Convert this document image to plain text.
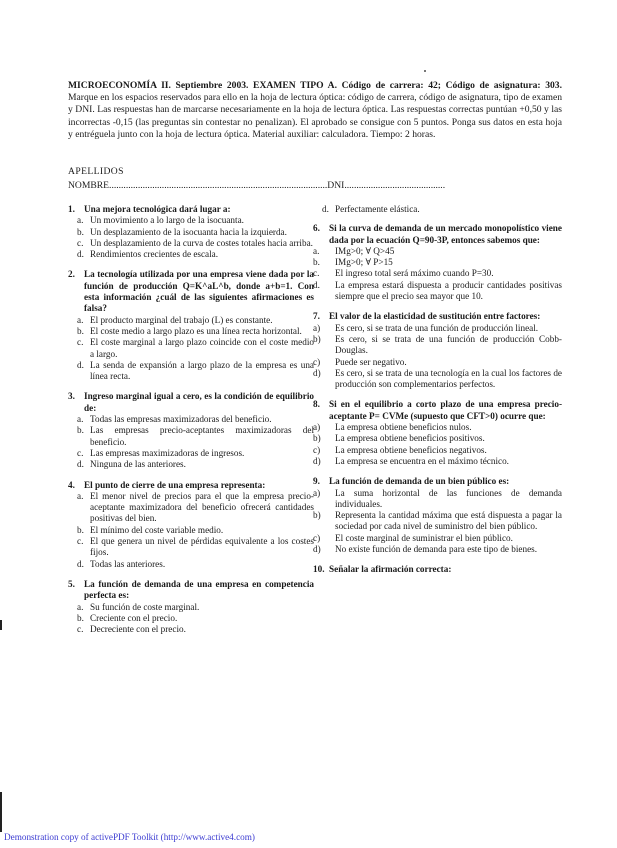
MICROECONOMÍA II. Septiembre 2003. EXAMEN TIPO A. Código de carrera: 42; Código de asignatura: 303. Marque en los espacios reservados para ello en la hoja de lectura óptica: código de carrera, código de asignatura, tipo de examen y DNI. Las respuestas han de marcarse necesariamente en la hoja de lectura óptica. Las respuestas correctas puntúan +0,50 y las incorrectas -0,15 (las preguntas sin contestar no penalizan). El aprobado se consigue con 5 puntos. Ponga sus datos en esta hoja y entréguela junto con la hoja de lectura óptica. Material auxiliar: calculadora. Tiempo: 2 horas.
APELLIDOS
NOMBRE...........................................................................................DNI..........................................
1. Una mejora tecnológica dará lugar a:
a. Un movimiento a lo largo de la isocuanta.
b. Un desplazamiento de la isocuanta hacia la izquierda.
c. Un desplazamiento de la curva de costes totales hacia arriba.
d. Rendimientos crecientes de escala.
2. La tecnología utilizada por una empresa viene dada por la función de producción Q=K^aL^b, donde a+b=1. Con esta información ¿cuál de las siguientes afirmaciones es falsa?
a. El producto marginal del trabajo (L) es constante.
b. El coste medio a largo plazo es una línea recta horizontal.
c. El coste marginal a largo plazo coincide con el coste medio a largo.
d. La senda de expansión a largo plazo de la empresa es una línea recta.
3. Ingreso marginal igual a cero, es la condición de equilibrio de:
a. Todas las empresas maximizadoras del beneficio.
b. Las empresas precio-aceptantes maximizadoras del beneficio.
c. Las empresas maximizadoras de ingresos.
d. Ninguna de las anteriores.
4. El punto de cierre de una empresa representa:
a. El menor nivel de precios para el que la empresa precio-aceptante maximizadora del beneficio ofrecerá cantidades positivas del bien.
b. El mínimo del coste variable medio.
c. El que genera un nivel de pérdidas equivalente a los costes fijos.
d. Todas las anteriores.
5. La función de demanda de una empresa en competencia perfecta es:
a. Su función de coste marginal.
b. Creciente con el precio.
c. Decreciente con el precio.
d. Perfectamente elástica.
6. Si la curva de demanda de un mercado monopolístico viene dada por la ecuación Q=90-3P, entonces sabemos que:
a.	IMg>0; ∀ Q>45
b.	IMg>0; ∀ P>15
c.	El ingreso total será máximo cuando P=30.
d.	La empresa estará dispuesta a producir cantidades positivas siempre que el precio sea mayor que 10.
7. El valor de la elasticidad de sustitución entre factores:
a)	Es cero, si se trata de una función de producción lineal.
b)	Es cero, si se trata de una función de producción Cobb-Douglas.
c)	Puede ser negativo.
d)	Es cero, si se trata de una tecnología en la cual los factores de producción son complementarios perfectos.
8. Si en el equilibrio a corto plazo de una empresa precio-aceptante P= CVMe (supuesto que CFT>0) ocurre que:
a)	La empresa obtiene beneficios nulos.
b)	La empresa obtiene beneficios positivos.
c)	La empresa obtiene beneficios negativos.
d)	La empresa se encuentra en el máximo técnico.
9. La función de demanda de un bien público es:
a)	La suma horizontal de las funciones de demanda individuales.
b)	Representa la cantidad máxima que está dispuesta a pagar la sociedad por cada nivel de suministro del bien público.
c)	El coste marginal de suministrar el bien público.
d)	No existe función de demanda para este tipo de bienes.
10. Señalar la afirmación correcta:
Demonstration copy of activePDF Toolkit (http://www.active4.com)
